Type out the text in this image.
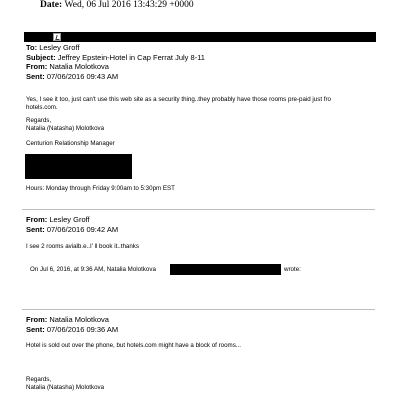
Date: Wed, 06 Jul 2016 13:43:29 +0000
To: Lesley Groff
Subject: Jeffrey Epstein-Hotel in Cap Ferrat July 8-11
From: Natalia Molotkova
Sent: 07/06/2016 09:43 AM
Yes, I see it too, just can't use this web site as a security thing..they probably have those rooms pre-paid just fro
hotels.com.
Regards,
Natalia (Natasha) Molotkova
Centurion Relationship Manager
Hours: Monday through Friday 9:00am to 5:30pm EST
From: Lesley Groff
Sent: 07/06/2016 09:42 AM
I see 2 rooms avialb.e..I' ll book it..thanks
On Jul 6, 2016, at 9:36 AM, Natalia Molotkova	wrote:
From: Natalia Molotkova
Sent: 07/06/2016 09:36 AM
Hotel is sold out over the phone, but hotels.com might have a block of rooms...
Regards,
Natalia (Natasha) Molotkova
